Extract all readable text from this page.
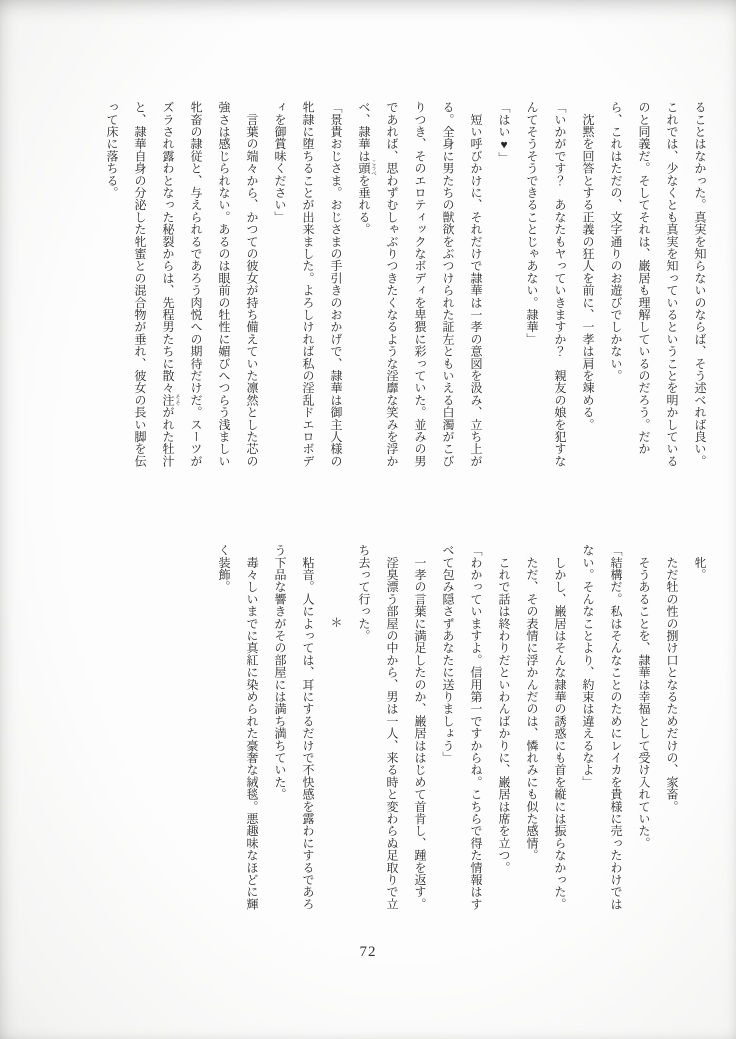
ることはなかった。真実を知らないのならば、そう述べれば良い。

これでは、少なくとも真実を知っているということを明かしている

のと同義だ。そしてそれは、巌居も理解しているのだろう。だか

ら、これはただの、文字通りのお遊びでしかない。

　沈黙を回答とする正義の狂人を前に、一孝は肩を竦める。

「いかがです？　あなたもヤっていきますか？　親友の娘を犯すな

んてそうそうできることじゃあない。隷華」

「はい♥」

　短い呼びかけに、それだけで隷華は一孝の意図を汲み、立ち上が

る。全身に男たちの獣欲をぶつけられた証左ともいえる白濁がこび

りつき、そのエロティックなボディを卑猥に彩っていた。並みの男

であれば、思わずむしゃぶりつきたくなるような淫靡な笑みを浮か

べ、隷華は頭 こうべを垂れる。

「景貴おじさま。おじさまの手引きのおかげで、隷華は御主人様の

牝隷に堕ちることが出来ました。よろしければ私の淫乱ドエロボデ

ィを御賞味ください」

　言葉の端々から、かつての彼女が持ち備えていた凛然とした芯の

強さは感じられない。あるのは眼前の牡性に媚びへつらう浅ましい

牝畜の隷従と、与えられるであろう肉悦への期待だけだ。スーツが

ズラされ露わとなった秘裂からは、先程男たちに散々注 そそがれた牡汁

と、隷華自身の分泌した牝蜜との混合物が垂れ、彼女の長い脚を伝

って床に落ちる。

　牝。

　ただ牡の性の捌け口となるためだけの、家畜。

　そうあることを、隷華は幸福として受け入れていた。

「結構だ。私はそんなことのためにレイカを貴様に売ったわけでは

ない。そんなことより、約束は違えるなよ」

　しかし、巌居はそんな隷華の誘惑にも首を縦には振らなかった。

　ただ、その表情に浮かんだのは、憐れみにも似た感情。

　これで話は終わりだといわんばかりに、巌居は席を立つ。

「わかっていますよ。信用第一ですからね。こちらで得た情報はす

べて包み隠さずあなたに送りましょう」

　一孝の言葉に満足したのか、巌居ははじめて首肯し、踵を返す。

　淫臭漂う部屋の中から、男は一人、来る時と変わらぬ足取りで立

ち去って行った。

＊

　粘音。人によっては、耳にするだけで不快感を露わにするであろ

う下品な響きがその部屋には満ち満ちていた。

　毒々しいまでに真紅に染められた豪奢な絨毯。悪趣味なほどに輝

く装飾。

72
